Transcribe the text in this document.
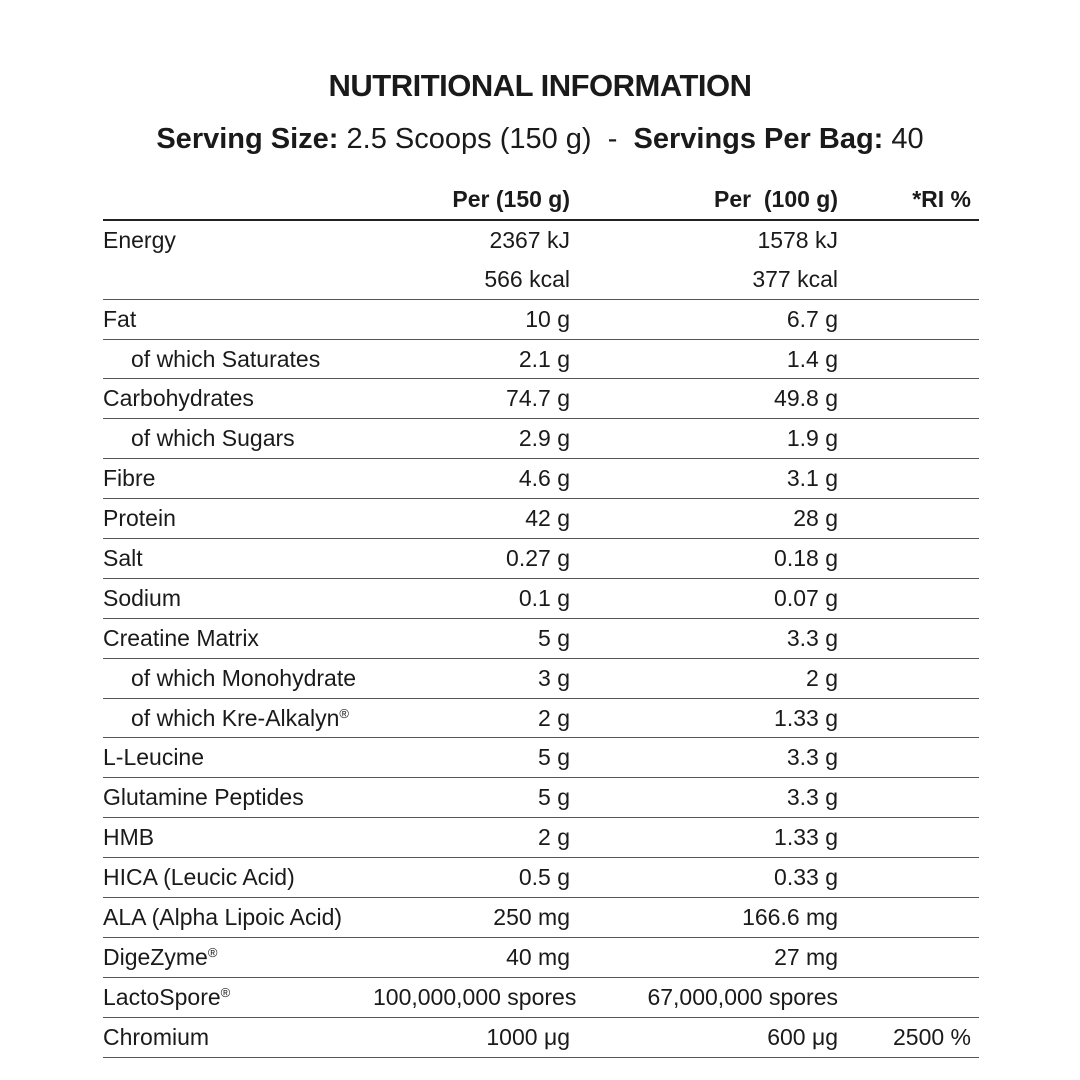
NUTRITIONAL INFORMATION
Serving Size: 2.5 Scoops (150 g) - Servings Per Bag: 40
	Per (150 g)	Per  (100 g)	*RI %
Energy	2367 kJ	1578 kJ	
	566 kcal	377 kcal	
Fat	10 g	6.7 g	
of which Saturates	2.1 g	1.4 g	
Carbohydrates	74.7 g	49.8 g	
of which Sugars	2.9 g	1.9 g	
Fibre	4.6 g	3.1 g	
Protein	42 g	28 g	
Salt	0.27 g	0.18 g	
Sodium	0.1 g	0.07 g	
Creatine Matrix	5 g	3.3 g	
of which Monohydrate	3 g	2 g	
of which Kre-Alkalyn®	2 g	1.33 g	
L-Leucine	5 g	3.3 g	
Glutamine Peptides	5 g	3.3 g	
HMB	2 g	1.33 g	
HICA (Leucic Acid)	0.5 g	0.33 g	
ALA (Alpha Lipoic Acid)	250 mg	166.6 mg	
DigeZyme®	40 mg	27 mg	
LactoSpore®	100,000,000 spores	67,000,000 spores	
Chromium	1000 μg	600 μg	2500 %
